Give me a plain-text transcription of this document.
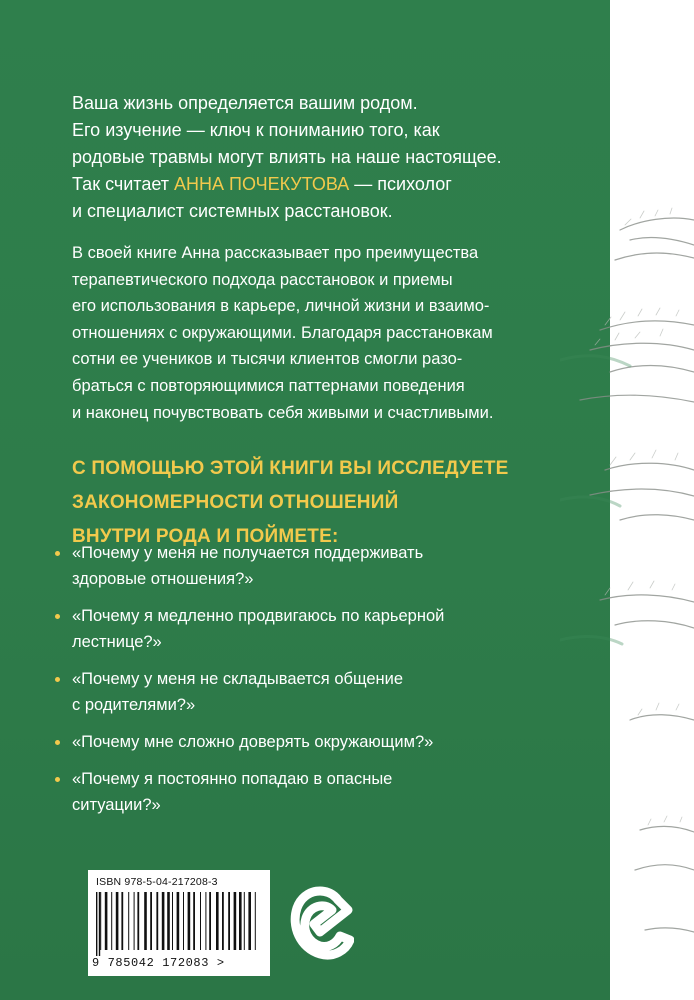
Ваша жизнь определяется вашим родом.
Его изучение — ключ к пониманию того, как
родовые травмы могут влиять на наше настоящее.
Так считает АННА ПОЧЕКУТОВА — психолог
и специалист системных расстановок.
В своей книге Анна рассказывает про преимущества
терапевтического подхода расстановок и приемы
его использования в карьере, личной жизни и взаимо-
отношениях с окружающими. Благодаря расстановкам
сотни ее учеников и тысячи клиентов смогли разо-
браться с повторяющимися паттернами поведения
и наконец почувствовать себя живыми и счастливыми.
С ПОМОЩЬЮ ЭТОЙ КНИГИ ВЫ ИССЛЕДУЕТЕ
ЗАКОНОМЕРНОСТИ ОТНОШЕНИЙ
ВНУТРИ РОДА И ПОЙМЕТЕ:
«Почему у меня не получается поддерживать
здоровые отношения?»
«Почему я медленно продвигаюсь по карьерной
лестнице?»
«Почему у меня не складывается общение
с родителями?»
«Почему мне сложно доверять окружающим?»
«Почему я постоянно попадаю в опасные
ситуации?»
ISBN 978-5-04-217208-3
9 785042 172083 >
